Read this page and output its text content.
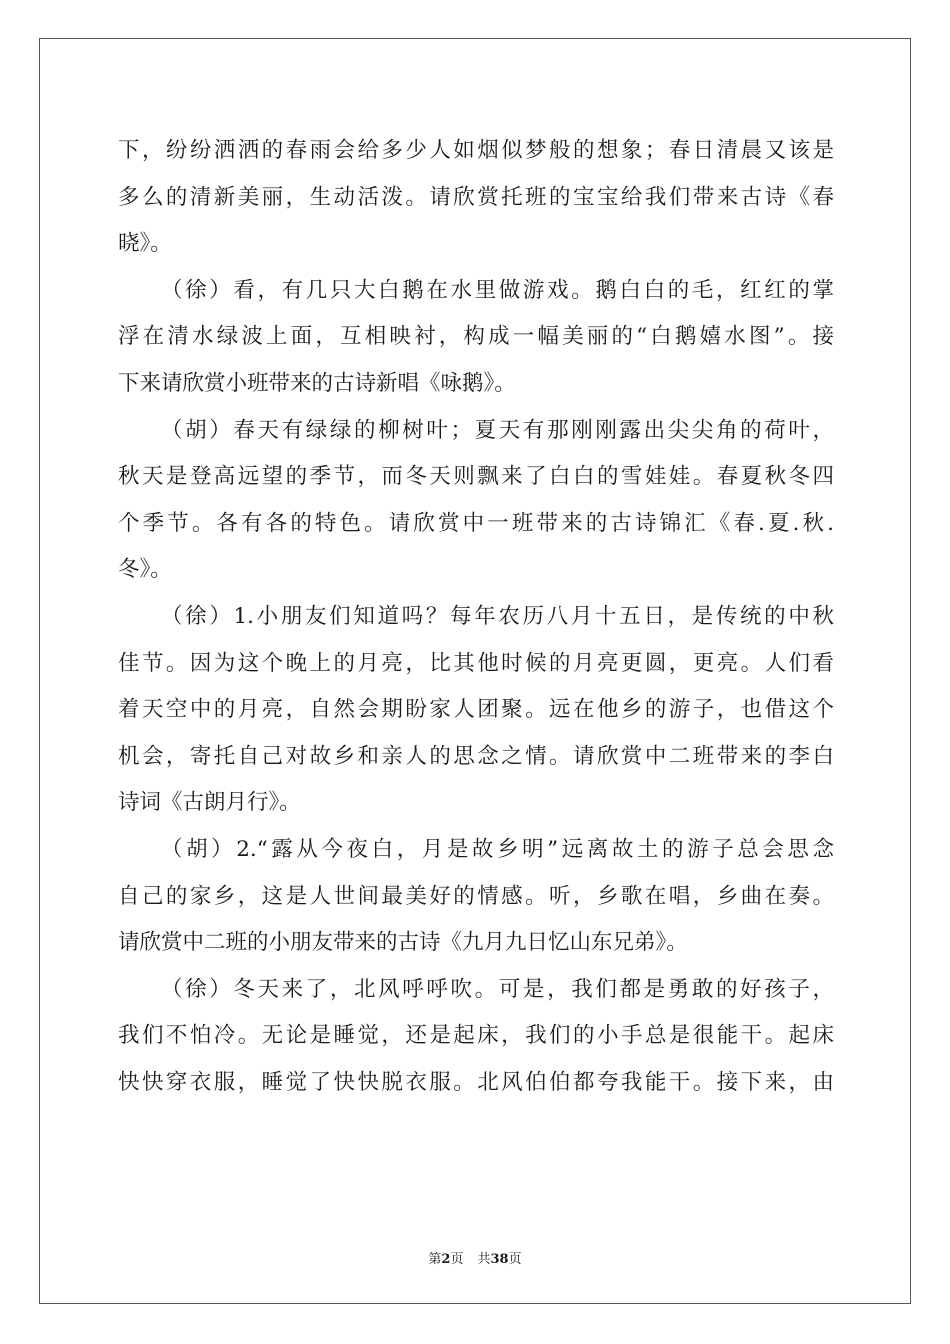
下，纷纷洒洒的春雨会给多少人如烟似梦般的想象；春日清晨又该是
多么的清新美丽，生动活泼。请欣赏托班的宝宝给我们带来古诗《春
晓》。
（徐）看，有几只大白鹅在水里做游戏。鹅白白的毛，红红的掌
浮在清水绿波上面，互相映衬，构成一幅美丽的“白鹅嬉水图”。接
下来请欣赏小班带来的古诗新唱《咏鹅》。
（胡）春天有绿绿的柳树叶；夏天有那刚刚露出尖尖角的荷叶，
秋天是登高远望的季节，而冬天则飘来了白白的雪娃娃。春夏秋冬四
个季节。各有各的特色。请欣赏中一班带来的古诗锦汇《春.夏.秋.
冬》。
（徐）1.小朋友们知道吗？每年农历八月十五日，是传统的中秋
佳节。因为这个晚上的月亮，比其他时候的月亮更圆，更亮。人们看
着天空中的月亮，自然会期盼家人团聚。远在他乡的游子，也借这个
机会，寄托自己对故乡和亲人的思念之情。请欣赏中二班带来的李白
诗词《古朗月行》。
（胡）2.“露从今夜白，月是故乡明”远离故土的游子总会思念
自己的家乡，这是人世间最美好的情感。听，乡歌在唱，乡曲在奏。
请欣赏中二班的小朋友带来的古诗《九月九日忆山东兄弟》。
（徐）冬天来了，北风呼呼吹。可是，我们都是勇敢的好孩子，
我们不怕冷。无论是睡觉，还是起床，我们的小手总是很能干。起床
快快穿衣服，睡觉了快快脱衣服。北风伯伯都夸我能干。接下来，由
第2页 共38页
